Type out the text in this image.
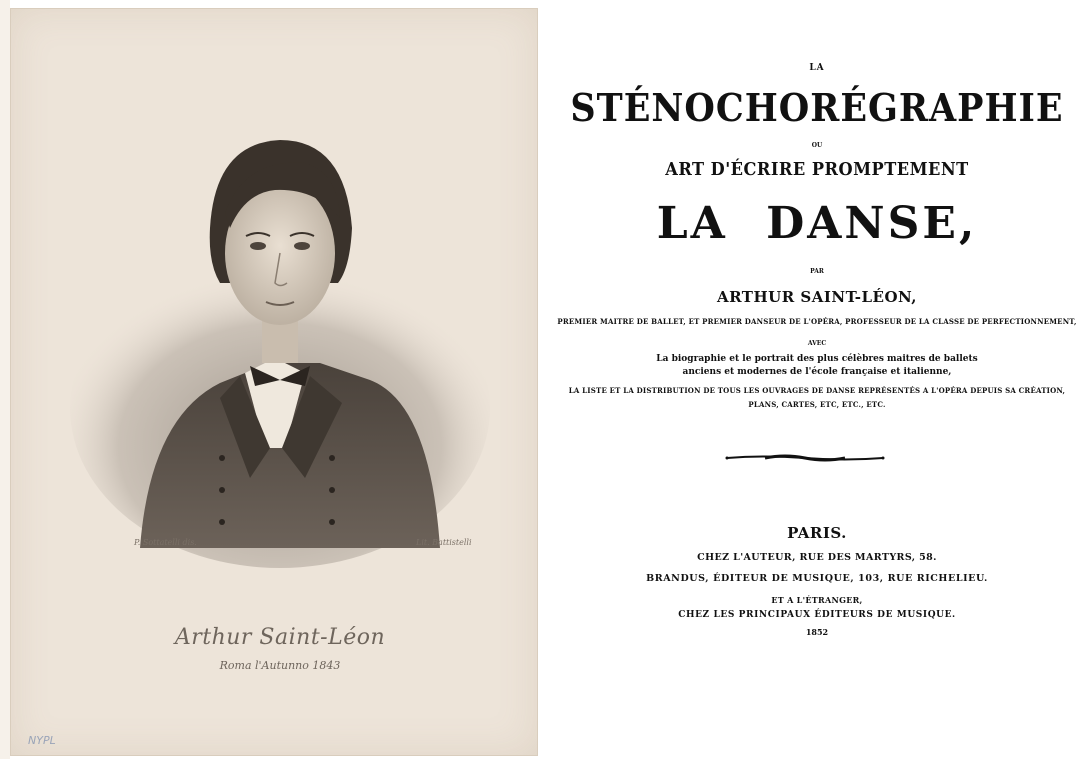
P. Sottatelli dis.	Lit. Battistelli
Arthur Saint-Léon
Roma l'Autunno 1843
NYPL

LA

STÉNOCHORÉGRAPHIE

OU

ART D'ÉCRIRE PROMPTEMENT

LA DANSE,

PAR

ARTHUR SAINT-LÉON,

PREMIER MAITRE DE BALLET, ET PREMIER DANSEUR DE L'OPÉRA, PROFESSEUR DE LA CLASSE DE PERFECTIONNEMENT,

AVEC

La biographie et le portrait des plus célèbres maitres de ballets

anciens et modernes de l'école française et italienne,

LA LISTE ET LA DISTRIBUTION DE TOUS LES OUVRAGES DE DANSE REPRÉSENTÉS A L'OPÉRA DEPUIS SA CRÉATION,

PLANS, CARTES, ETC, ETC., ETC.

PARIS.

CHEZ L'AUTEUR, RUE DES MARTYRS, 58.

BRANDUS, ÉDITEUR DE MUSIQUE, 103, RUE RICHELIEU.

ET A L'ÉTRANGER,

CHEZ LES PRINCIPAUX ÉDITEURS DE MUSIQUE.

1852
